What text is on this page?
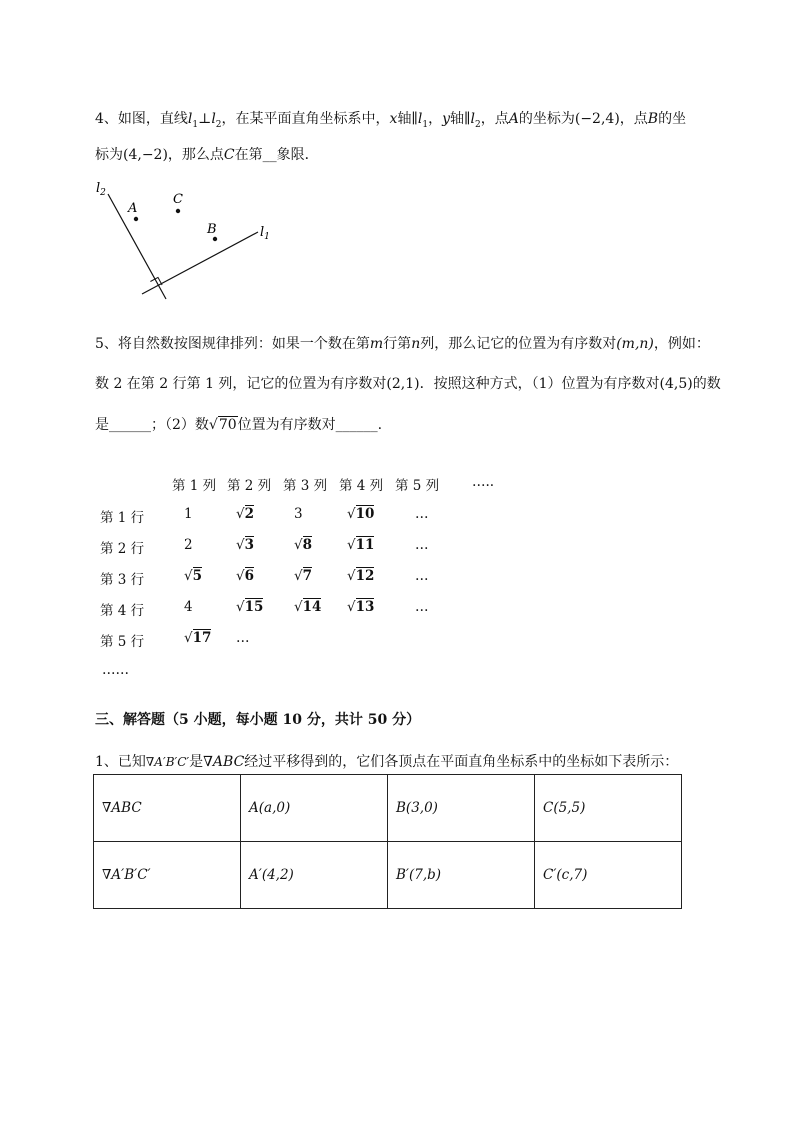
4、如图，直线$l_1\perp l_2$，在某平面直角坐标系中，x轴$\parallel l_1$，y轴$\parallel l_2$，点A的坐标为(−2,4)，点B的坐
标为(4,−2)，那么点C在第__象限．
$l_2$
$l_1$
A
C
B
5、将自然数按图规律排列：如果一个数在第m行第n列，那么记它的位置为有序数对(m,n)，例如：
数 2 在第 2 行第 1 列，记它的位置为有序数对(2,1)．按照这种方式，（1）位置为有序数对(4,5)的数
是______；（2）数√70位置为有序数对______.
第 1 列 第 2 列 第 3 列 第 4 列 第 5 列 …..
第 1 行	1	√2	3	√10	…
第 2 行	2	√3	√8	√11	…
第 3 行	√5	√6	√7	√12	…
第 4 行	4	√15 √14 √13	…
第 5 行	√17 …
……
三、解答题（5 小题，每小题 10 分，共计 50 分）
1、已知∇A′B′C′是∇ABC经过平移得到的，它们各顶点在平面直角坐标系中的坐标如下表所示：
∇ABC	A(a,0)	B(3,0)	C(5,5)
∇A′B′C′	A′(4,2)	B′(7,b)	C′(c,7)
